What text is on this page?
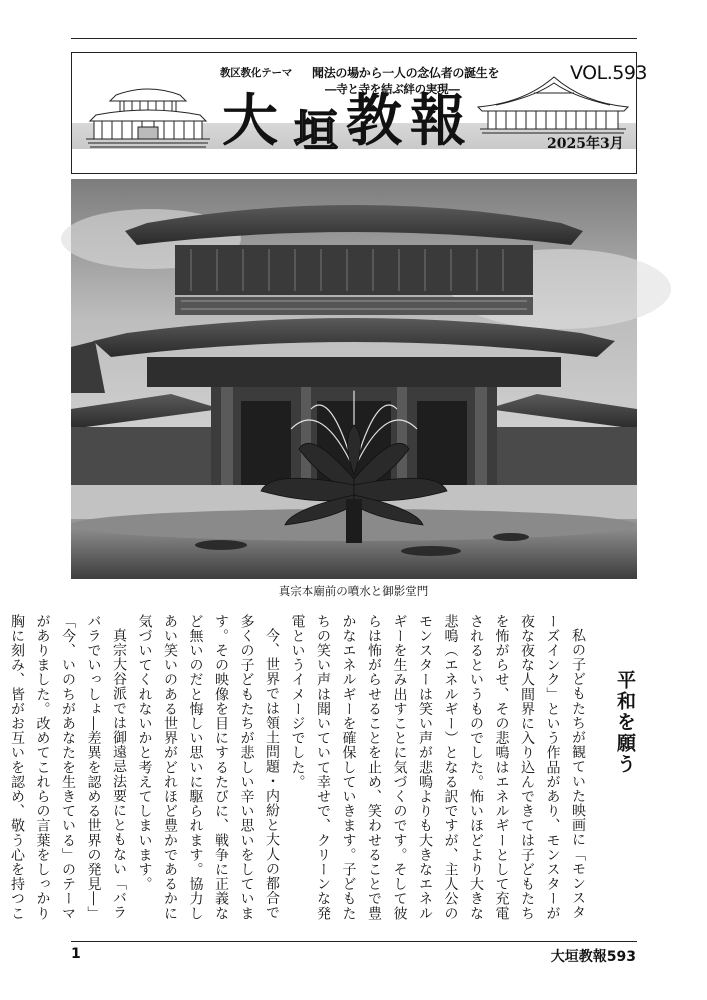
教区教化テーマ 聞法の場から一人の念仏者の誕生を
―寺と寺を結ぶ絆の実現―
大 垣 教 報
VOL.593
2025年3月
真宗本廟前の噴水と御影堂門
平和を願う

私の子どもたちが観ていた映画に「モンスターズインク」という作品があり、モンスターが夜な夜な人間界に入り込んできては子どもたちを怖がらせ、その悲鳴はエネルギーとして充電されるというものでした。怖いほどより大きな悲鳴（エネルギー）となる訳ですが、主人公のモンスターは笑い声が悲鳴よりも大きなエネルギーを生み出すことに気づくのです。そして彼らは怖がらせることを止め、笑わせることで豊かなエネルギーを確保していきます。子どもたちの笑い声は聞いていて幸せで、クリーンな発電というイメージでした。

今、世界では領土問題・内紛と大人の都合で多くの子どもたちが悲しい辛い思いをしています。その映像を目にするたびに、戦争に正義など無いのだと悔しい思いに駆られます。協力しあい笑いのある世界がどれほど豊かであるかに気づいてくれないかと考えてしまいます。

真宗大谷派では御遠忌法要にともない「バラバラでいっしょ―差異を認める世界の発見―」「今、いのちがあなたを生きている」のテーマがありました。改めてこれらの言葉をしっかり胸に刻み、皆がお互いを認め、敬う心を持つこ

1	大垣教報593
